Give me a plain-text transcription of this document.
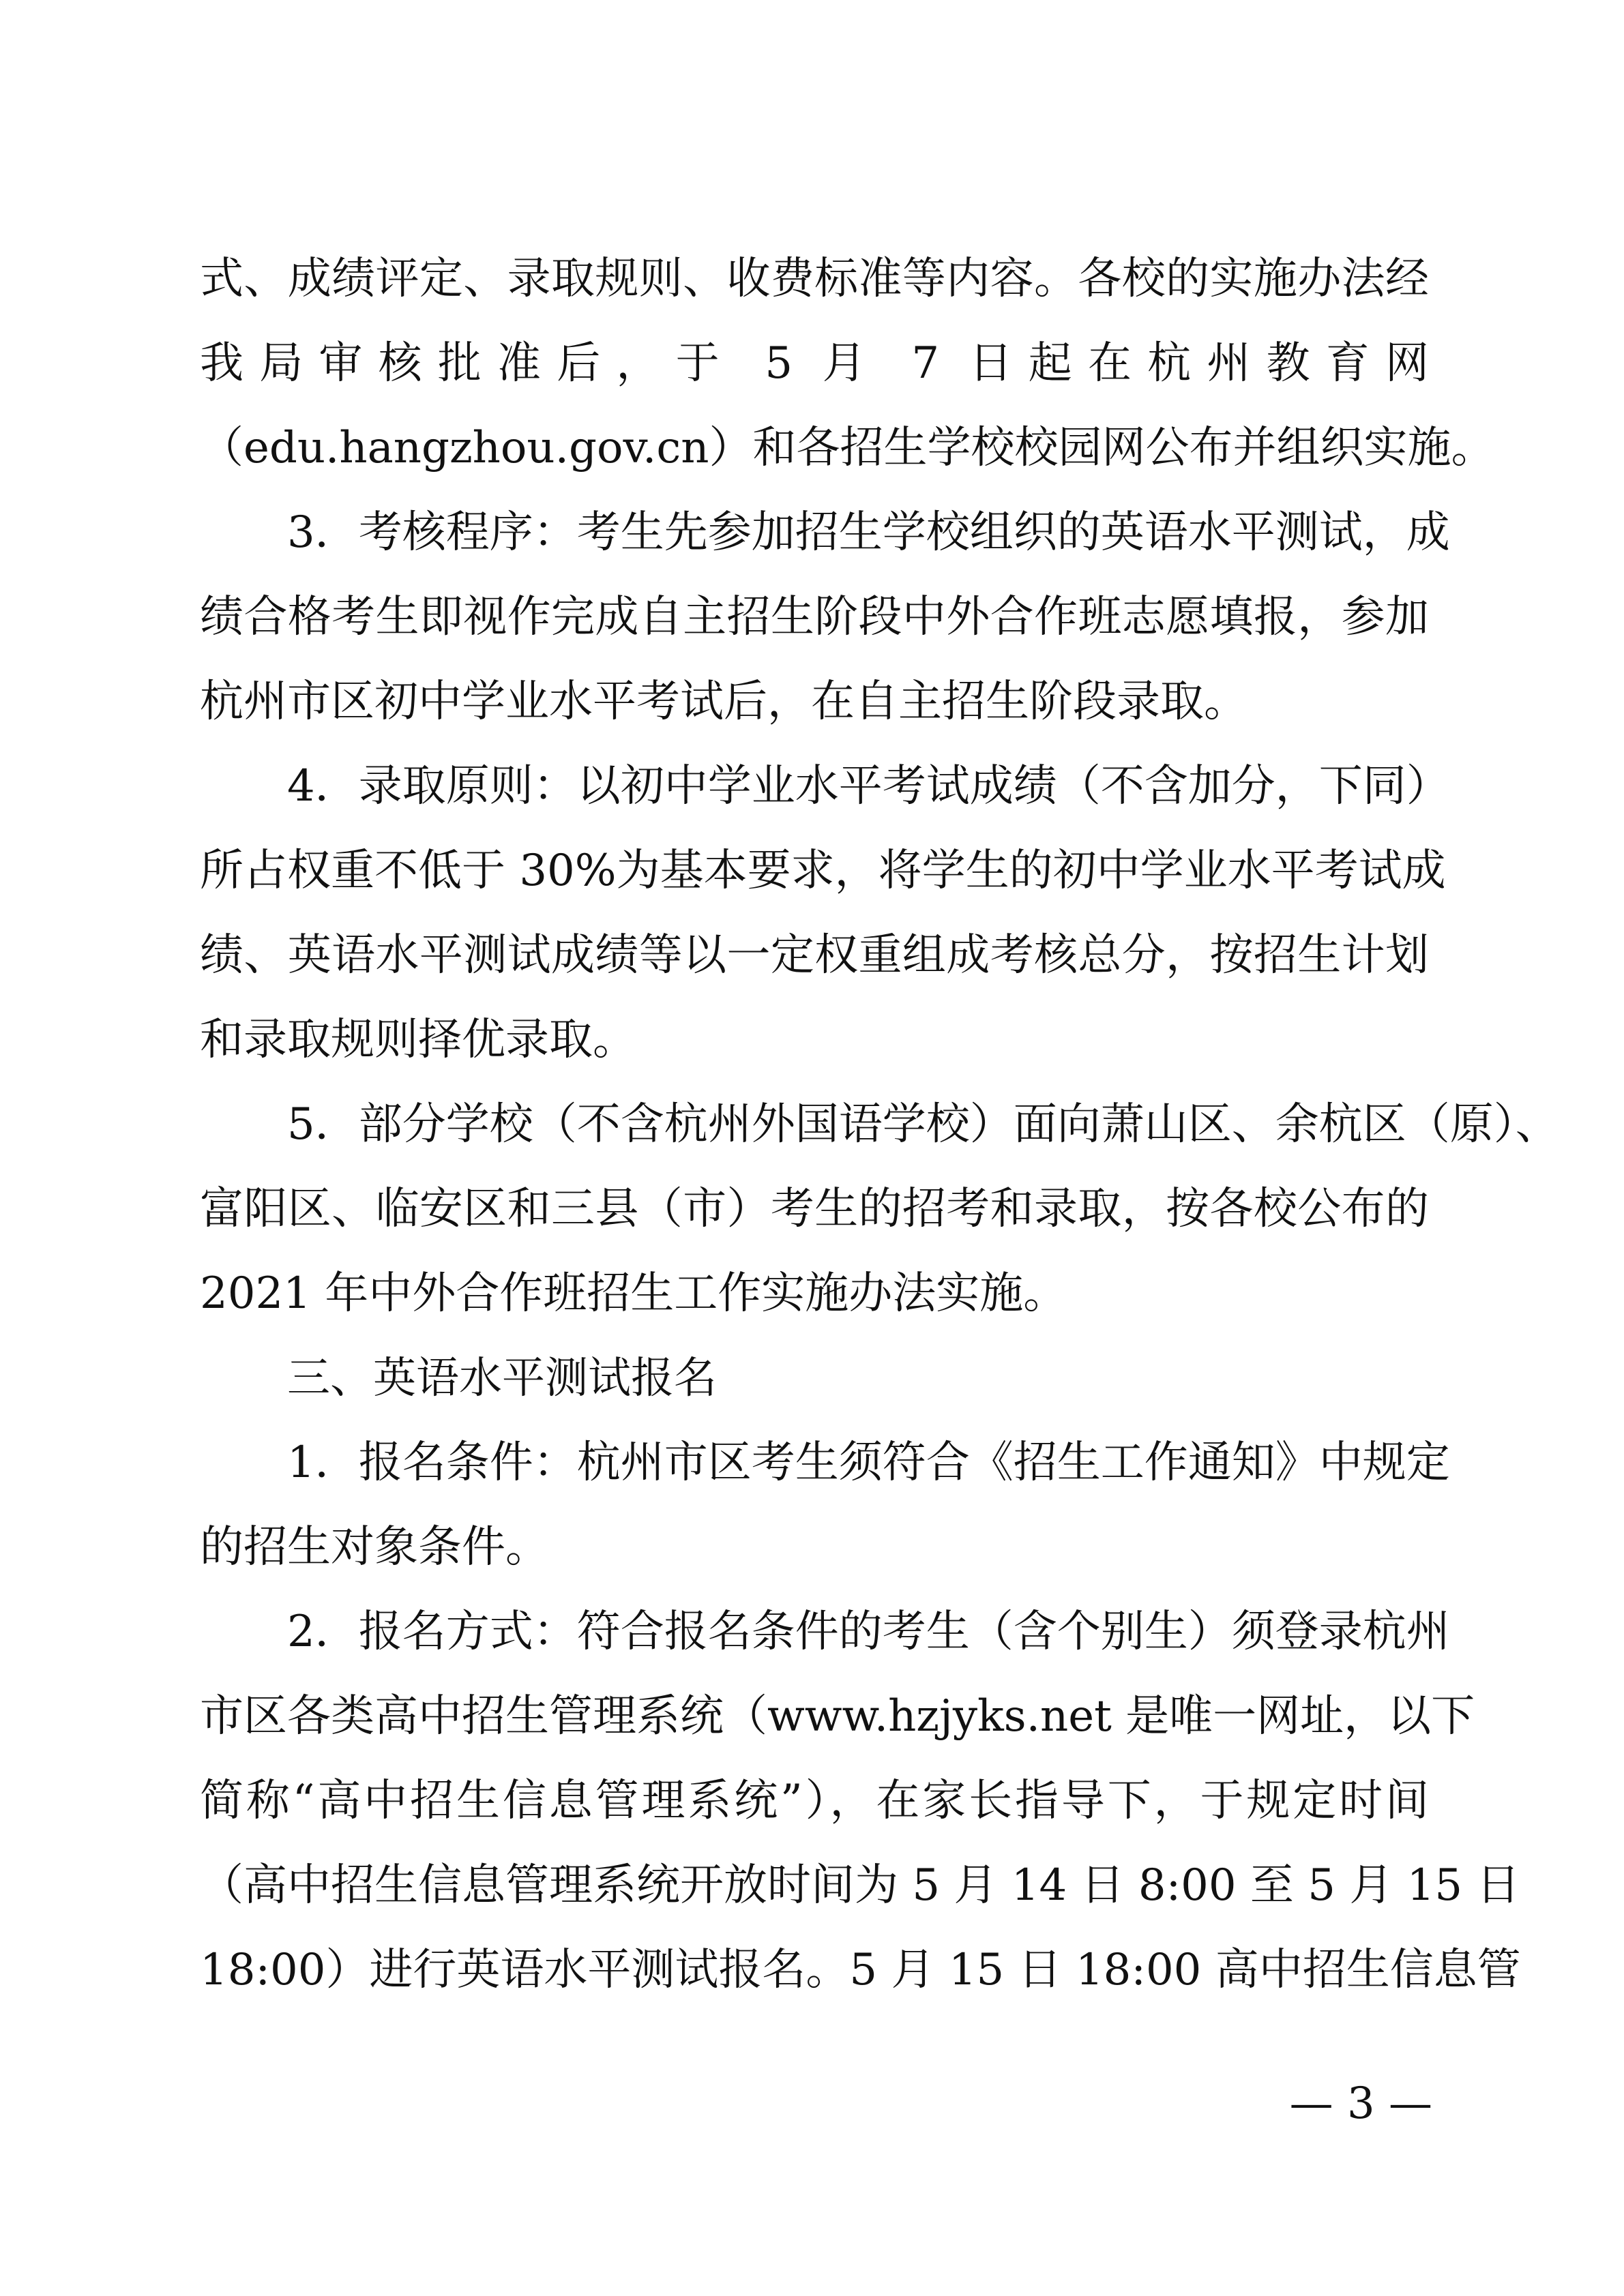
式、成绩评定、录取规则、收费标准等内容。各校的实施办法经
我局审核批准后，于 5 月 7 日起在杭州教育网
（edu.hangzhou.gov.cn）和各招生学校校园网公布并组织实施。
3．考核程序：考生先参加招生学校组织的英语水平测试，成
绩合格考生即视作完成自主招生阶段中外合作班志愿填报，参加
杭州市区初中学业水平考试后，在自主招生阶段录取。
4．录取原则：以初中学业水平考试成绩（不含加分，下同）
所占权重不低于 30%为基本要求，将学生的初中学业水平考试成
绩、英语水平测试成绩等以一定权重组成考核总分，按招生计划
和录取规则择优录取。
5．部分学校（不含杭州外国语学校）面向萧山区、余杭区（原）、
富阳区、临安区和三县（市）考生的招考和录取，按各校公布的
2021 年中外合作班招生工作实施办法实施。
三、英语水平测试报名
1．报名条件：杭州市区考生须符合《招生工作通知》中规定
的招生对象条件。
2．报名方式：符合报名条件的考生（含个别生）须登录杭州
市区各类高中招生管理系统（www.hzjyks.net 是唯一网址，以下
简称“高中招生信息管理系统”），在家长指导下，于规定时间
（高中招生信息管理系统开放时间为 5 月 14 日 8:00 至 5 月 15 日
18:00）进行英语水平测试报名。5 月 15 日 18:00 高中招生信息管
— 3 —
